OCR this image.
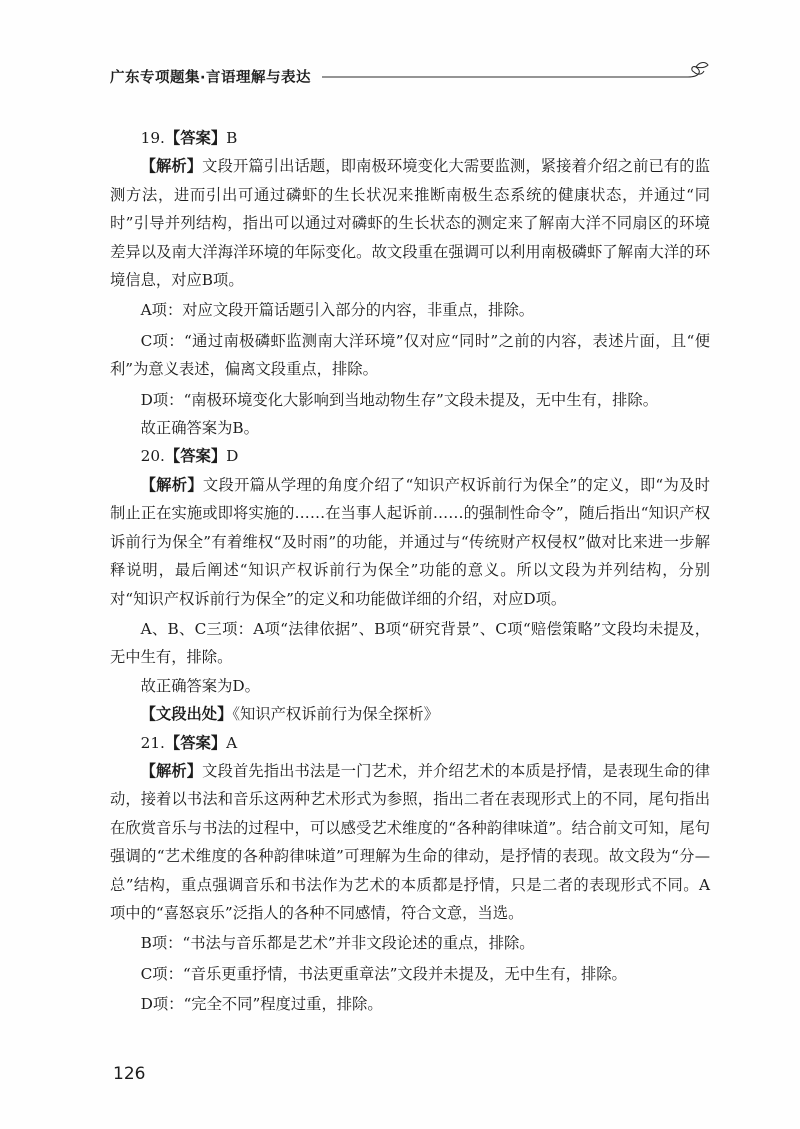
广东专项题集·言语理解与表达

19.【答案】B

【解析】文段开篇引出话题，即南极环境变化大需要监测，紧接着介绍之前已有的监测方法，进而引出可通过磷虾的生长状况来推断南极生态系统的健康状态，并通过“同时”引导并列结构，指出可以通过对磷虾的生长状态的测定来了解南大洋不同扇区的环境差异以及南大洋海洋环境的年际变化。故文段重在强调可以利用南极磷虾了解南大洋的环境信息，对应B项。

A项：对应文段开篇话题引入部分的内容，非重点，排除。

C项：“通过南极磷虾监测南大洋环境”仅对应“同时”之前的内容，表述片面，且“便利”为意义表述，偏离文段重点，排除。

D项：“南极环境变化大影响到当地动物生存”文段未提及，无中生有，排除。

故正确答案为B。

20.【答案】D

【解析】文段开篇从学理的角度介绍了“知识产权诉前行为保全”的定义，即“为及时制止正在实施或即将实施的……在当事人起诉前……的强制性命令”，随后指出“知识产权诉前行为保全”有着维权“及时雨”的功能，并通过与“传统财产权侵权”做对比来进一步解释说明，最后阐述“知识产权诉前行为保全”功能的意义。所以文段为并列结构，分别对“知识产权诉前行为保全”的定义和功能做详细的介绍，对应D项。

A、B、C三项：A项“法律依据”、B项“研究背景”、C项“赔偿策略”文段均未提及，无中生有，排除。

故正确答案为D。

【文段出处】《知识产权诉前行为保全探析》

21.【答案】A

【解析】文段首先指出书法是一门艺术，并介绍艺术的本质是抒情，是表现生命的律动，接着以书法和音乐这两种艺术形式为参照，指出二者在表现形式上的不同，尾句指出在欣赏音乐与书法的过程中，可以感受艺术维度的“各种韵律味道”。结合前文可知，尾句强调的“艺术维度的各种韵律味道”可理解为生命的律动，是抒情的表现。故文段为“分—总”结构，重点强调音乐和书法作为艺术的本质都是抒情，只是二者的表现形式不同。A项中的“喜怒哀乐”泛指人的各种不同感情，符合文意，当选。

B项：“书法与音乐都是艺术”并非文段论述的重点，排除。

C项：“音乐更重抒情，书法更重章法”文段并未提及，无中生有，排除。

D项：“完全不同”程度过重，排除。

126
